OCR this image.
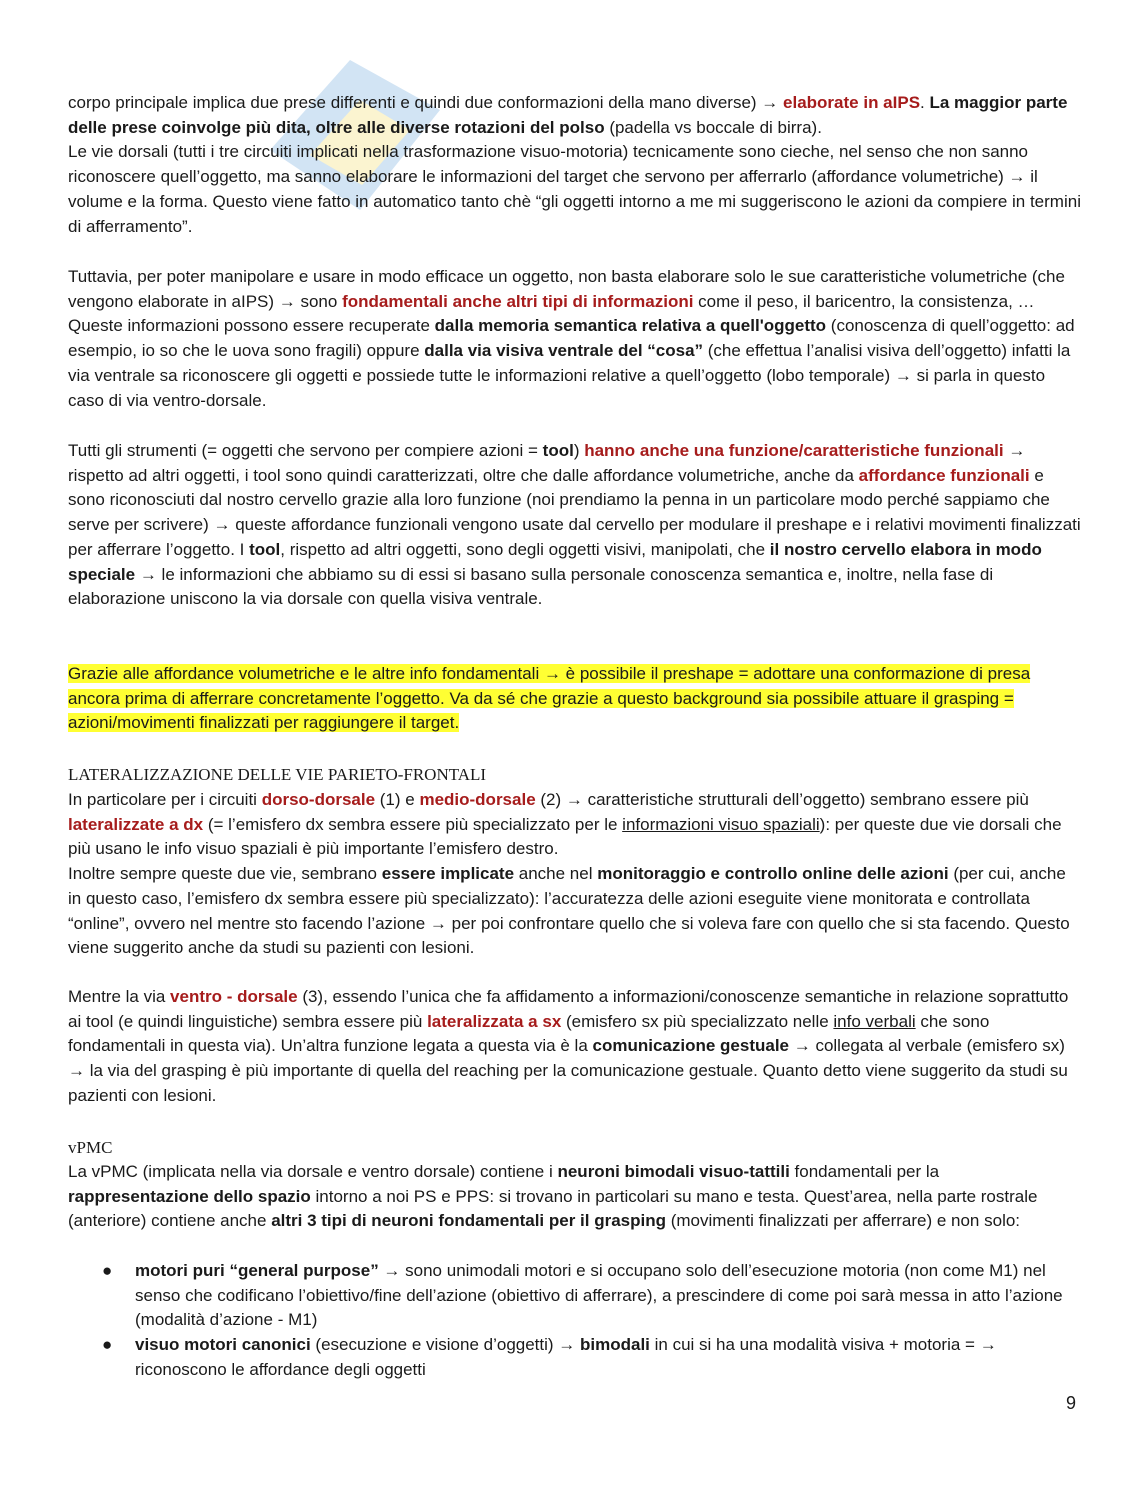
corpo principale implica due prese differenti e quindi due conformazioni della mano diverse) → elaborate in aIPS. La maggior parte delle prese coinvolge più dita, oltre alle diverse rotazioni del polso (padella vs boccale di birra).
Le vie dorsali (tutti i tre circuiti implicati nella trasformazione visuo-motoria) tecnicamente sono cieche, nel senso che non sanno riconoscere quell’oggetto, ma sanno elaborare le informazioni del target che servono per afferrarlo (affordance volumetriche) → il volume e la forma. Questo viene fatto in automatico tanto chè “gli oggetti intorno a me mi suggeriscono le azioni da compiere in termini di afferramento”.

Tuttavia, per poter manipolare e usare in modo efficace un oggetto, non basta elaborare solo le sue caratteristiche volumetriche (che vengono elaborate in aIPS) → sono fondamentali anche altri tipi di informazioni come il peso, il baricentro, la consistenza, … Queste informazioni possono essere recuperate dalla memoria semantica relativa a quell'oggetto (conoscenza di quell’oggetto: ad esempio, io so che le uova sono fragili) oppure dalla via visiva ventrale del “cosa” (che effettua l’analisi visiva dell’oggetto) infatti la via ventrale sa riconoscere gli oggetti e possiede tutte le informazioni relative a quell’oggetto (lobo temporale) → si parla in questo caso di via ventro-dorsale.

Tutti gli strumenti (= oggetti che servono per compiere azioni = tool) hanno anche una funzione/caratteristiche funzionali → rispetto ad altri oggetti, i tool sono quindi caratterizzati, oltre che dalle affordance volumetriche, anche da affordance funzionali e sono riconosciuti dal nostro cervello grazie alla loro funzione (noi prendiamo la penna in un particolare modo perché sappiamo che serve per scrivere) → queste affordance funzionali vengono usate dal cervello per modulare il preshape e i relativi movimenti finalizzati per afferrare l’oggetto. I tool, rispetto ad altri oggetti, sono degli oggetti visivi, manipolati, che il nostro cervello elabora in modo speciale → le informazioni che abbiamo su di essi si basano sulla personale conoscenza semantica e, inoltre, nella fase di elaborazione uniscono la via dorsale con quella visiva ventrale.

Grazie alle affordance volumetriche e le altre info fondamentali → è possibile il preshape = adottare una conformazione di presa ancora prima di afferrare concretamente l’oggetto. Va da sé che grazie a questo background sia possibile attuare il grasping = azioni/movimenti finalizzati per raggiungere il target.

LATERALIZZAZIONE DELLE VIE PARIETO-FRONTALI

In particolare per i circuiti dorso-dorsale (1) e medio-dorsale (2) → caratteristiche strutturali dell’oggetto) sembrano essere più lateralizzate a dx (= l’emisfero dx sembra essere più specializzato per le informazioni visuo spaziali): per queste due vie dorsali che più usano le info visuo spaziali è più importante l’emisfero destro.
Inoltre sempre queste due vie, sembrano essere implicate anche nel monitoraggio e controllo online delle azioni (per cui, anche in questo caso, l’emisfero dx sembra essere più specializzato): l’accuratezza delle azioni eseguite viene monitorata e controllata “online”, ovvero nel mentre sto facendo l’azione → per poi confrontare quello che si voleva fare con quello che si sta facendo. Questo viene suggerito anche da studi su pazienti con lesioni.

Mentre la via ventro - dorsale (3), essendo l’unica che fa affidamento a informazioni/conoscenze semantiche in relazione soprattutto ai tool (e quindi linguistiche) sembra essere più lateralizzata a sx (emisfero sx più specializzato nelle info verbali che sono fondamentali in questa via). Un’altra funzione legata a questa via è la comunicazione gestuale → collegata al verbale (emisfero sx) → la via del grasping è più importante di quella del reaching per la comunicazione gestuale. Quanto detto viene suggerito da studi su pazienti con lesioni.

vPMC

La vPMC (implicata nella via dorsale e ventro dorsale) contiene i neuroni bimodali visuo-tattili fondamentali per la rappresentazione dello spazio intorno a noi PS e PPS: si trovano in particolari su mano e testa. Quest’area, nella parte rostrale (anteriore) contiene anche altri 3 tipi di neuroni fondamentali per il grasping (movimenti finalizzati per afferrare) e non solo:

● motori puri “general purpose” → sono unimodali motori e si occupano solo dell’esecuzione motoria (non come M1) nel senso che codificano l’obiettivo/fine dell’azione (obiettivo di afferrare), a prescindere di come poi sarà messa in atto l’azione (modalità d’azione - M1)
● visuo motori canonici (esecuzione e visione d’oggetti) → bimodali in cui si ha una modalità visiva + motoria = → riconoscono le affordance degli oggetti
9
